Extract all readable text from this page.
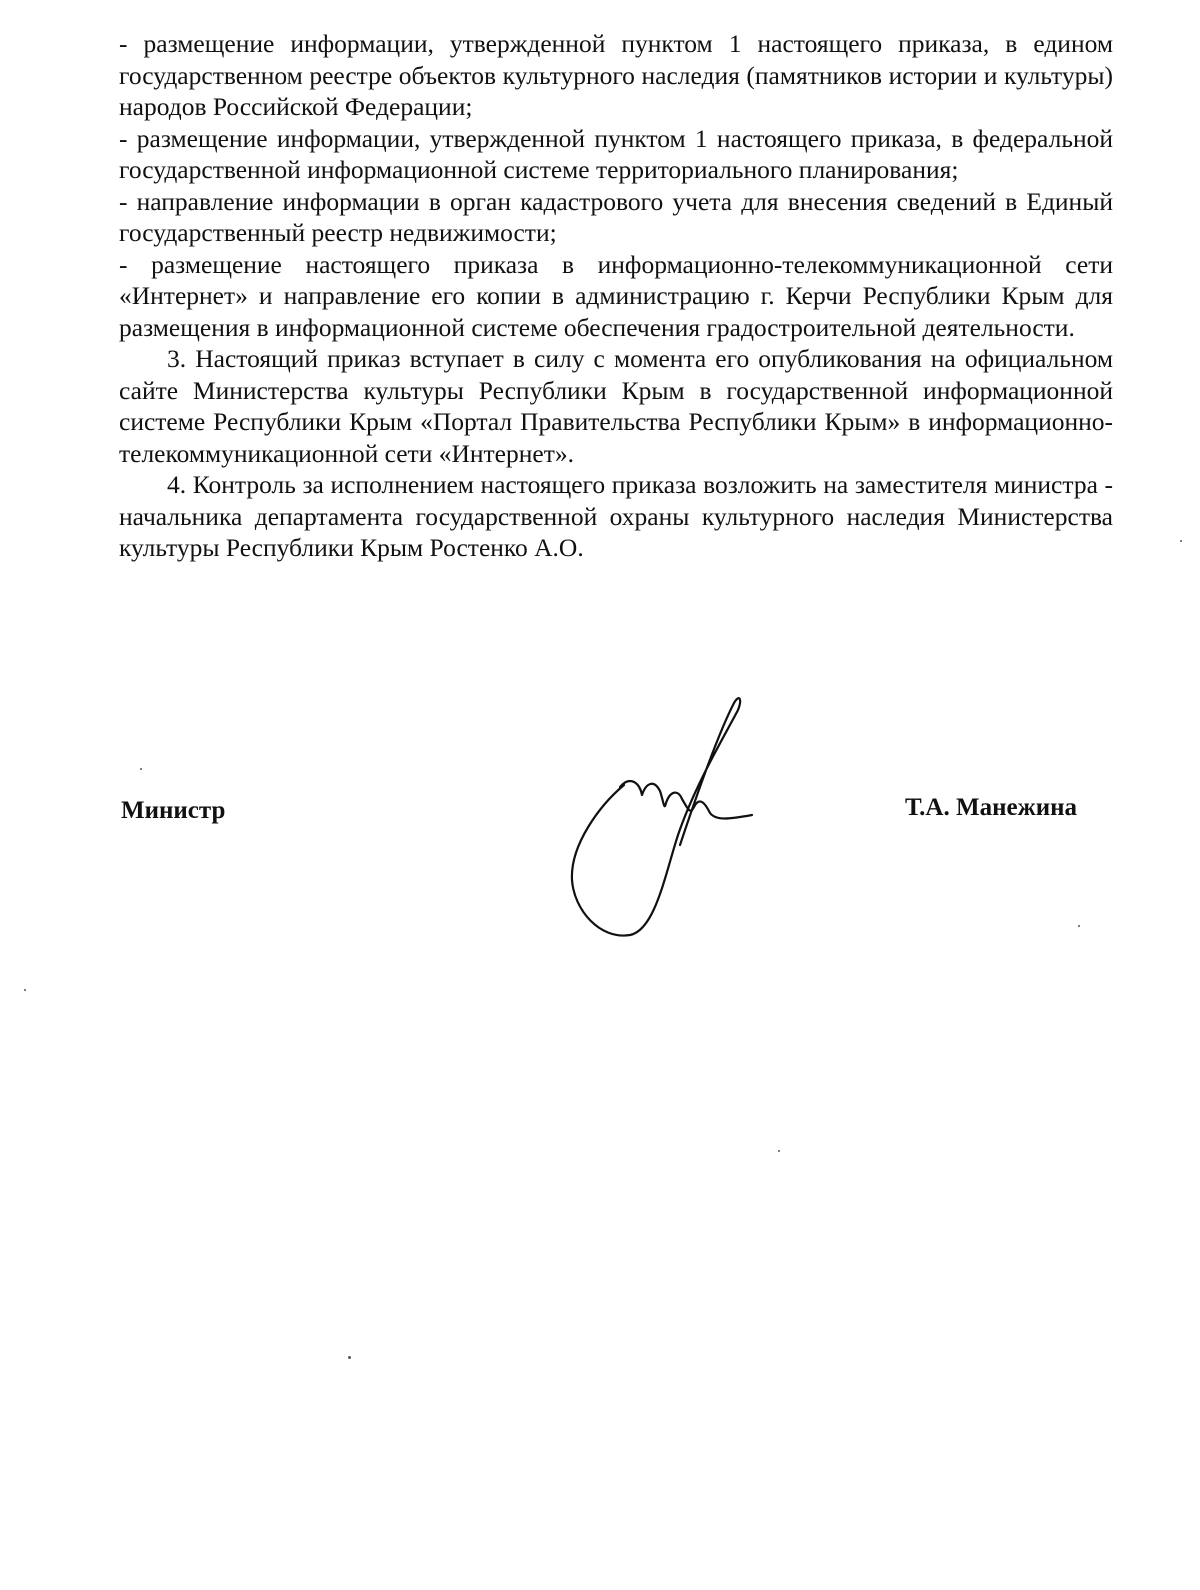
- размещение информации, утвержденной пунктом 1 настоящего приказа, в едином государственном реестре объектов культурного наследия (памятников истории и культуры) народов Российской Федерации;

- размещение информации, утвержденной пунктом 1 настоящего приказа, в федеральной государственной информационной системе территориального планирования;

- направление информации в орган кадастрового учета для внесения сведений в Единый государственный реестр недвижимости;

- размещение настоящего приказа в информационно-телекоммуникационной сети «Интернет» и направление его копии в администрацию г. Керчи Республики Крым для размещения в информационной системе обеспечения градостроительной деятельности.

3. Настоящий приказ вступает в силу с момента его опубликования на официальном сайте Министерства культуры Республики Крым в государственной информационной системе Республики Крым «Портал Правительства Республики Крым» в информационно-телекоммуникационной сети «Интернет».

4. Контроль за исполнением настоящего приказа возложить на заместителя министра - начальника департамента государственной охраны культурного наследия Министерства культуры Республики Крым Ростенко А.О.

Министр	Т.А. Манежина
